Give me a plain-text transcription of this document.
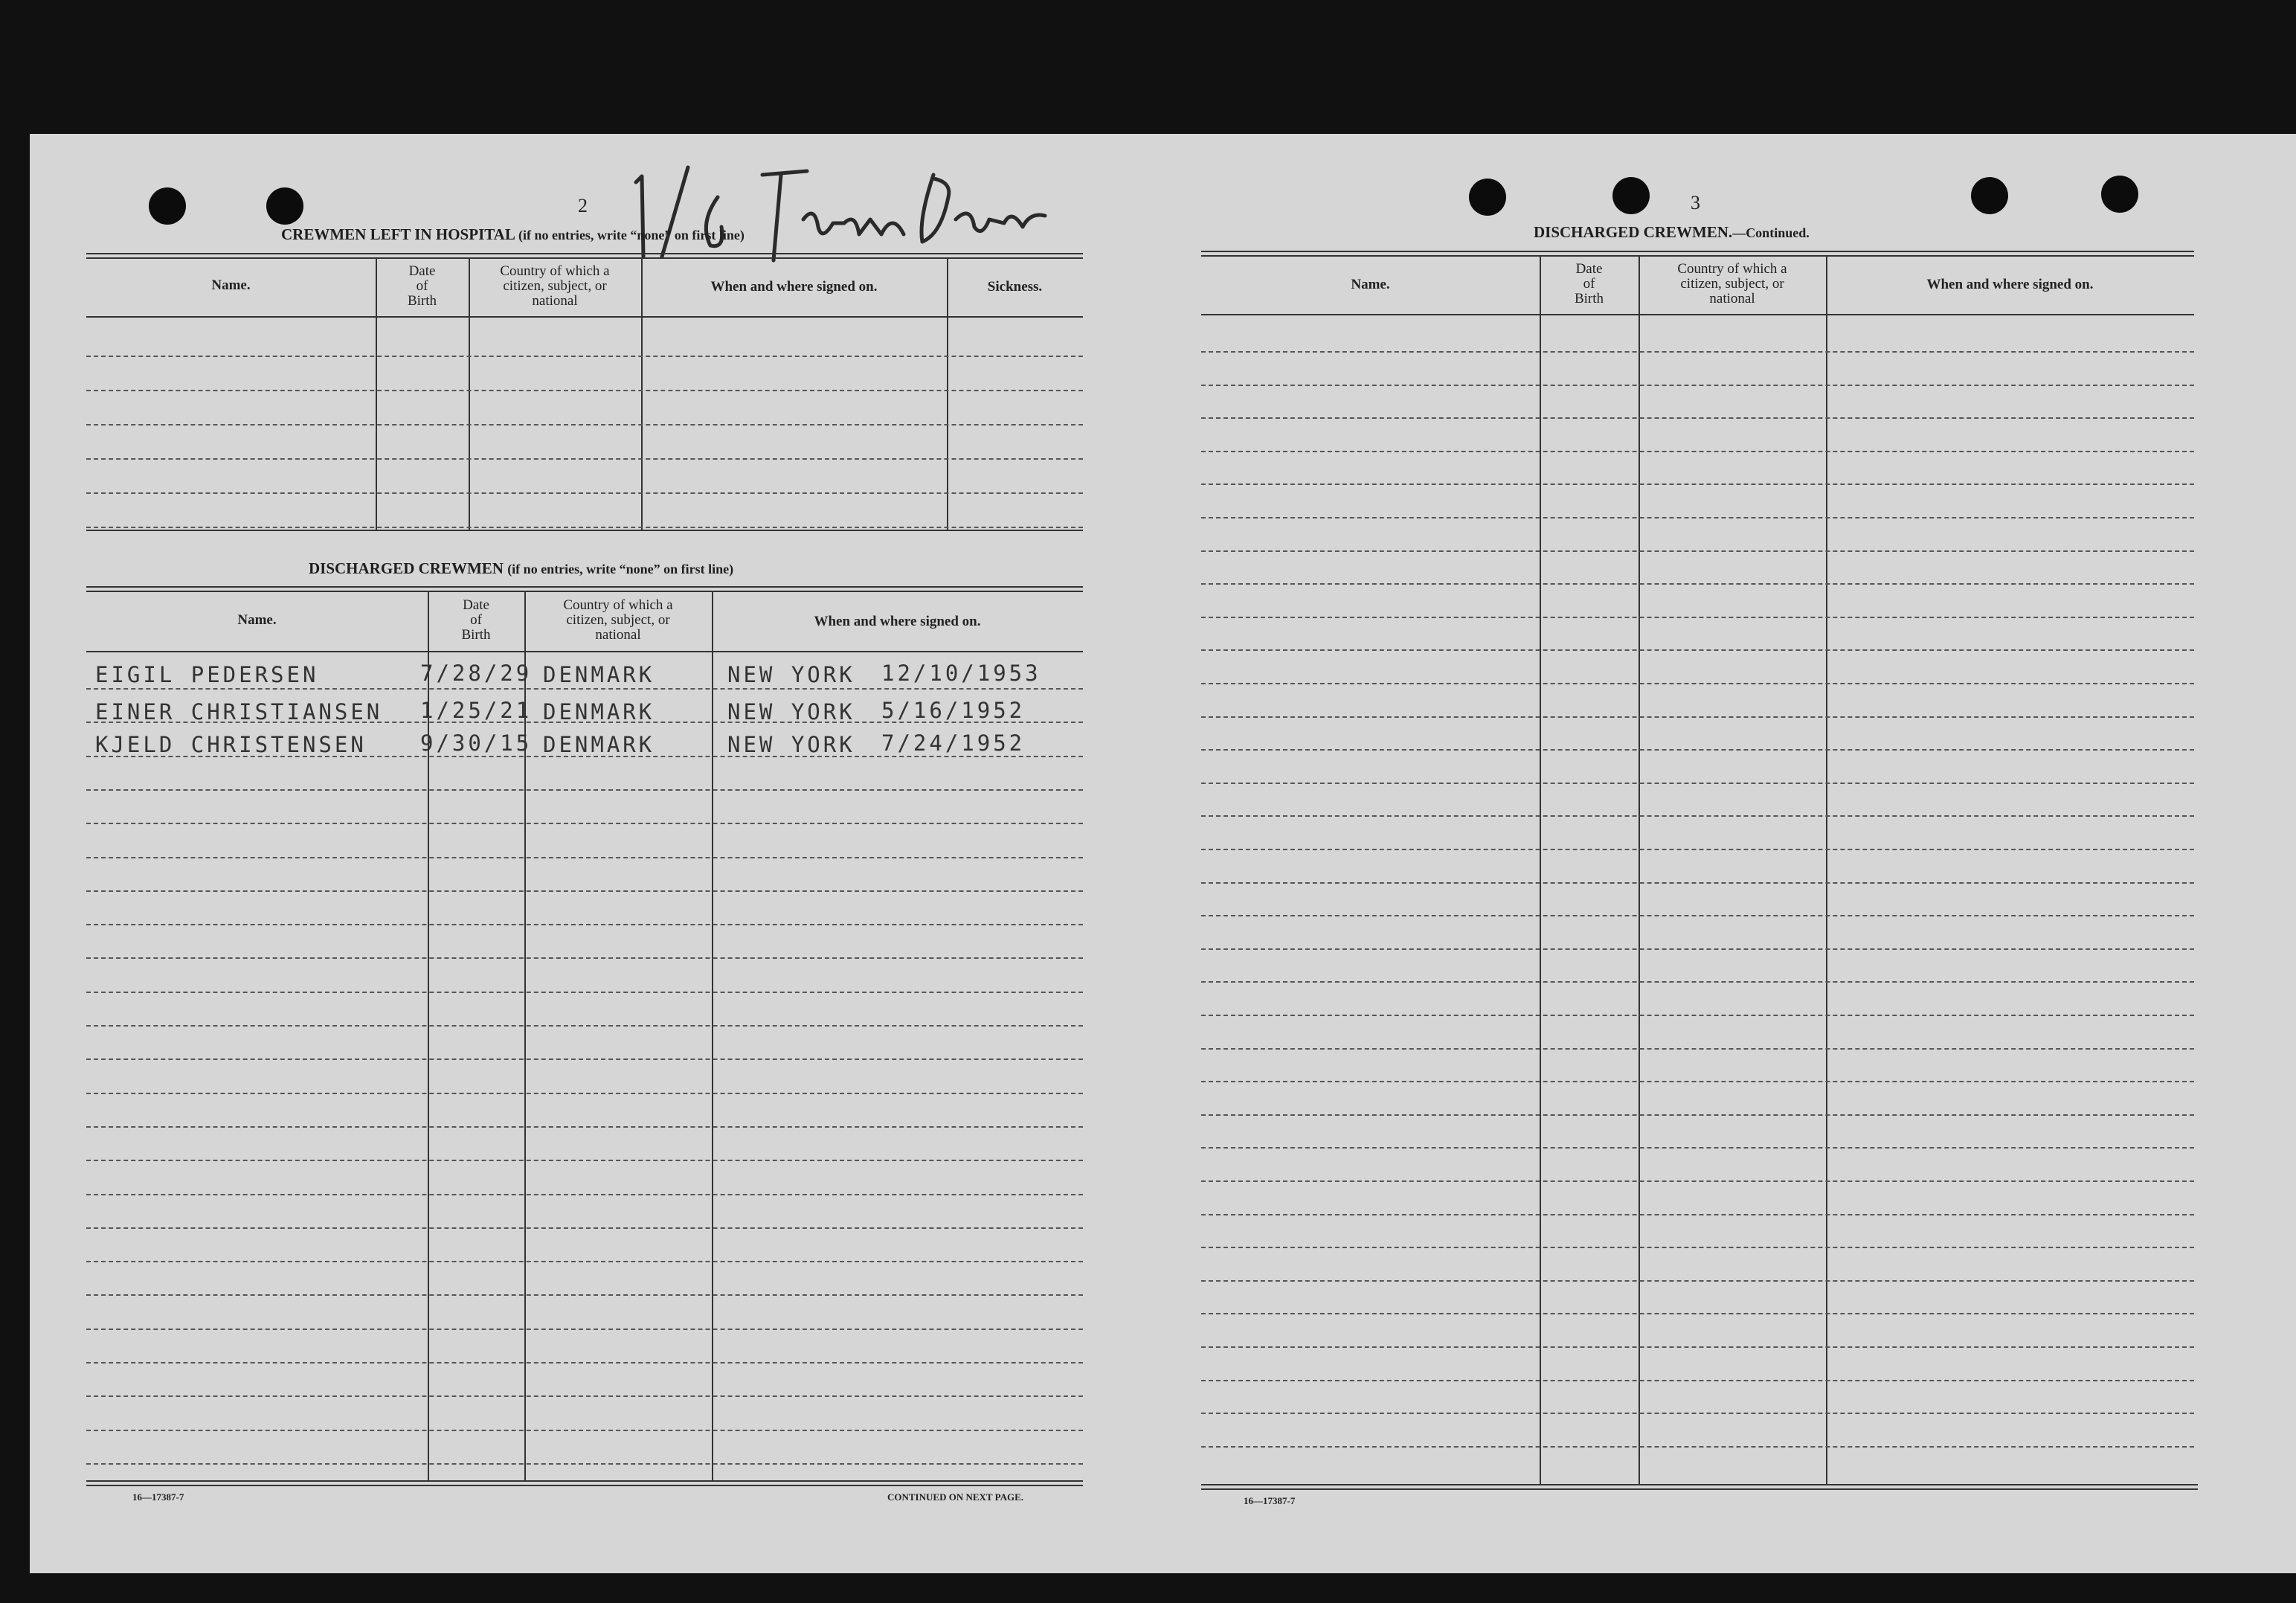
2
CREWMEN LEFT IN HOSPITAL (if no entries, write “none” on first line)
Name.
Date
of
Birth
Country of which a
citizen, subject, or
national
When and where signed on.	Sickness.
DISCHARGED CREWMEN (if no entries, write “none” on first line)
Name.
Date
of
Birth
Country of which a
citizen, subject, or
national
When and where signed on.
EIGIL PEDERSEN	7/28/29 DENMARK	NEW YORK 12/10/1953
EINER CHRISTIANSEN 1/25/21 DENMARK	NEW YORK 5/16/1952
KJELD CHRISTENSEN 9/30/15 DENMARK	NEW YORK 7/24/1952
16—17387-7	CONTINUED ON NEXT PAGE.
3
DISCHARGED CREWMEN.—Continued.
Name.
Date
of
Birth
Country of which a
citizen, subject, or
national
When and where signed on.
16—17387-7
